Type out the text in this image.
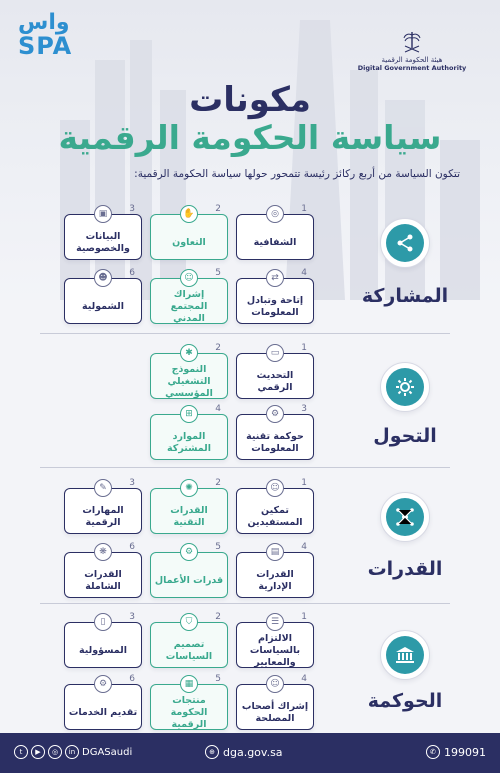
واس
SPA	هيئة الحكومة الرقمية
Digital Government Authority
مكونات
سياسة الحكومة الرقمية
تتكون السياسة من أربع ركائز رئيسة تتمحور حولها سياسة الحكومة الرقمية:
المشاركة
1
◎
الشفافية
2
✋
التعاون
3
▣
البيانات والخصوصية
4
⇄
إتاحة وتبادل المعلومات
5
☺
إشراك المجتمع المدني
6
☻
الشمولية
التحول
1
▭
التحديث الرقمي
2
✱
النموذج التشغيلي المؤسسي
3
⚙
حوكمة تقنية المعلومات
4
⊞
الموارد المشتركة
القدرات
1
☺
تمكين المستفيدين
2
✺
القدرات التقنية
3
✎
المهارات الرقمية
4
▤
القدرات الإدارية
5
⚙
قدرات الأعمال
6
❋
القدرات الشاملة
الحوكمة
1
☰
الالتزام بالسياسات والمعايير
2
⛉
تصميم السياسات
3
▯
المسؤولية
4
☺
إشراك أصحاب المصلحة
5
▦
منتجات الحكومة الرقمية
6
⚙
تقديم الخدمات
t	▶	◎	in DGASaudi	⊕ dga.gov.sa	✆ 199091
